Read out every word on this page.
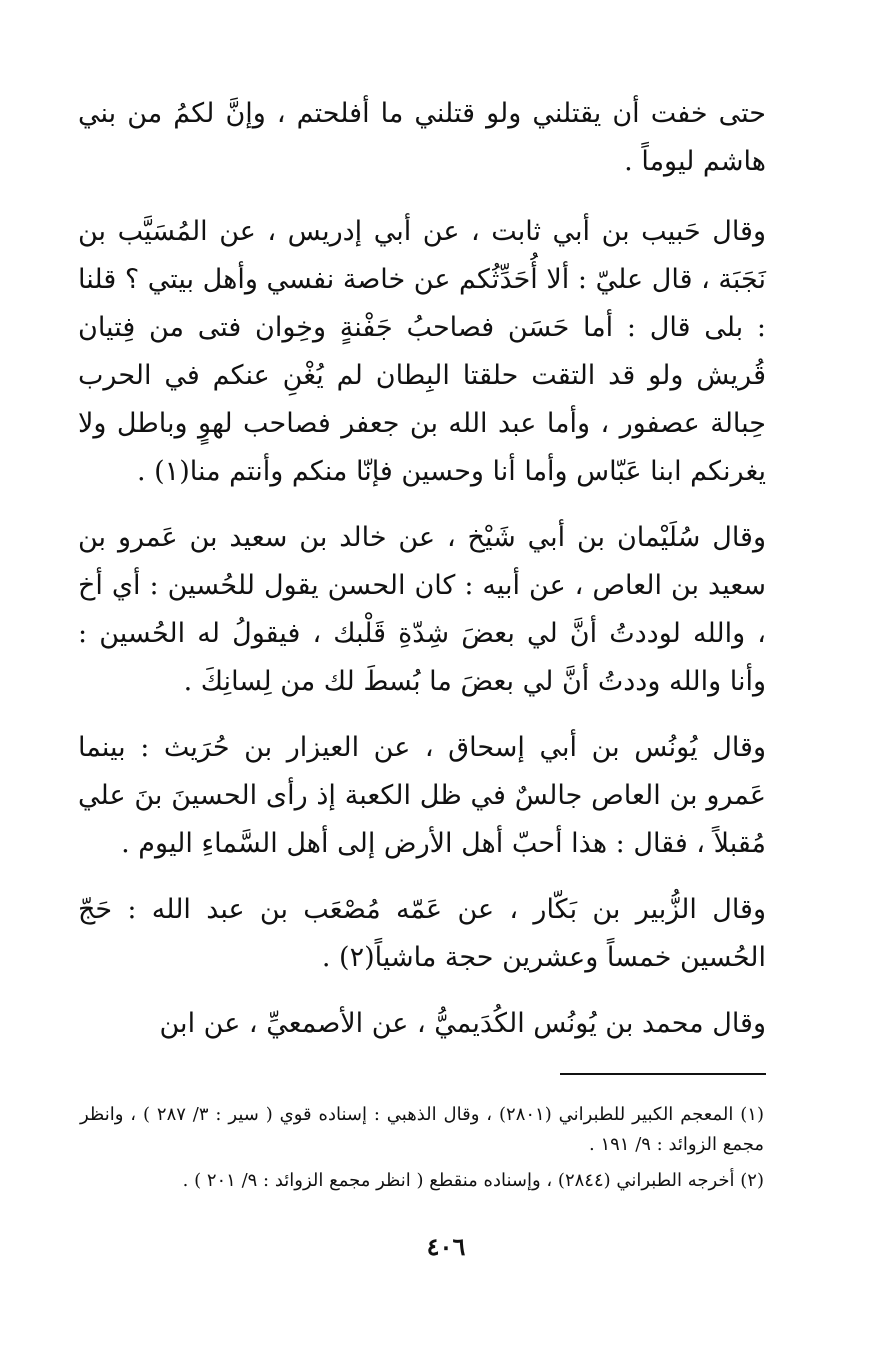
حتى خفت أن يقتلني ولو قتلني ما أفلحتم ، وإنَّ لكمُ من بني هاشم ليوماً .

وقال حَبيب بن أبي ثابت ، عن أبي إدريس ، عن المُسَيَّب بن نَجَبَة ، قال عليّ : ألا أُحَدِّثُكم عن خاصة نفسي وأهل بيتي ؟ قلنا : بلى قال : أما حَسَن فصاحبُ جَفْنةٍ وخِوان فتى من فِتيان قُريش ولو قد التقت حلقتا البِطان لم يُغْنِ عنكم في الحرب حِبالة عصفور ، وأما عبد الله بن جعفر فصاحب لهوٍ وباطل ولا يغرنكم ابنا عَبّاس وأما أنا وحسين فإنّا منكم وأنتم منا(١) .

وقال سُلَيْمان بن أبي شَيْخ ، عن خالد بن سعيد بن عَمرو بن سعيد بن العاص ، عن أبيه : كان الحسن يقول للحُسين : أي أخ ، والله لوددتُ أنَّ لي بعضَ شِدّةِ قَلْبك ، فيقولُ له الحُسين : وأنا والله وددتُ أنَّ لي بعضَ ما بُسطَ لك من لِسانِكَ .

وقال يُونُس بن أبي إسحاق ، عن العيزار بن حُرَيث : بينما عَمرو بن العاص جالسٌ في ظل الكعبة إذ رأى الحسينَ بنَ علي مُقبلاً ، فقال : هذا أحبّ أهل الأرض إلى أهل السَّماءِ اليوم .

وقال الزُّبير بن بَكّار ، عن عَمّه مُصْعَب بن عبد الله : حَجّ الحُسين خمساً وعشرين حجة ماشياً(٢) .

وقال محمد بن يُونُس الكُدَيميُّ ، عن الأصمعيِّ ، عن ابن

(١) المعجم الكبير للطبراني (٢٨٠١) ، وقال الذهبي : إسناده قوي ( سير : ٣/ ٢٨٧ ) ، وانظر مجمع الزوائد : ٩/ ١٩١ .

(٢) أخرجه الطبراني (٢٨٤٤) ، وإسناده منقطع ( انظر مجمع الزوائد : ٩/ ٢٠١ ) .

٤٠٦
